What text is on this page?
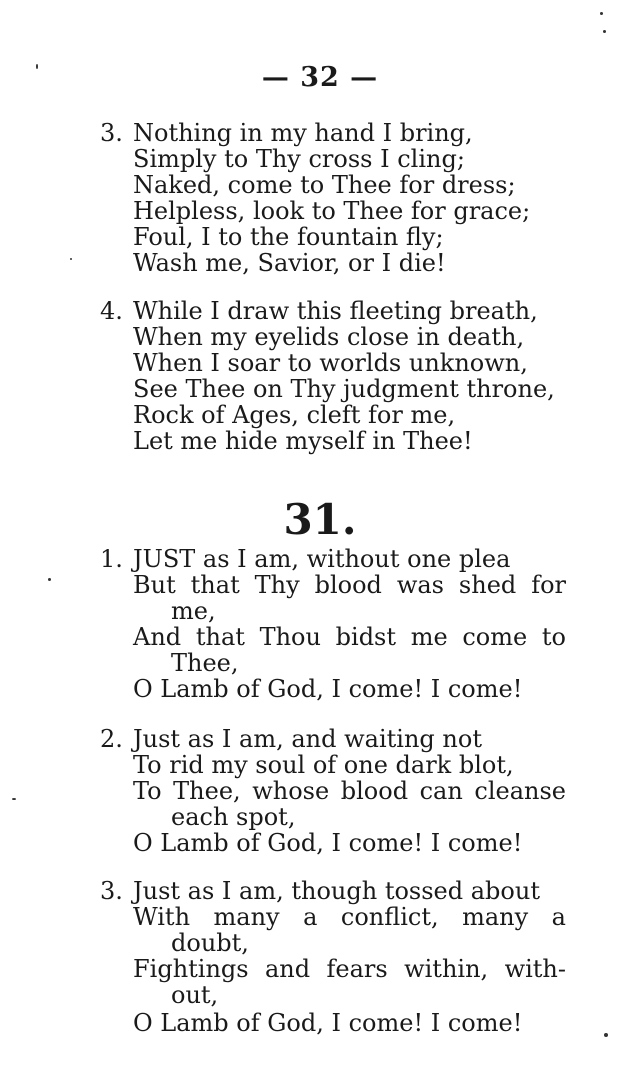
— 32 —
3. Nothing in my hand I bring,
Simply to Thy cross I cling;
Naked, come to Thee for dress;
Helpless, look to Thee for grace;
Foul, I to the fountain fly;
Wash me, Savior, or I die!
4. While I draw this fleeting breath,
When my eyelids close in death,
When I soar to worlds unknown,
See Thee on Thy judgment throne,
Rock of Ages, cleft for me,
Let me hide myself in Thee!
31.
1. JUST as I am, without one plea
But that Thy blood was shed for
me,
And that Thou bidst me come to
Thee,
O Lamb of God, I come! I come!
2. Just as I am, and waiting not
To rid my soul of one dark blot,
To Thee, whose blood can cleanse
each spot,
O Lamb of God, I come! I come!
3. Just as I am, though tossed about
With many a conflict, many a
doubt,
Fightings and fears within, with-
out,
O Lamb of God, I come! I come!
